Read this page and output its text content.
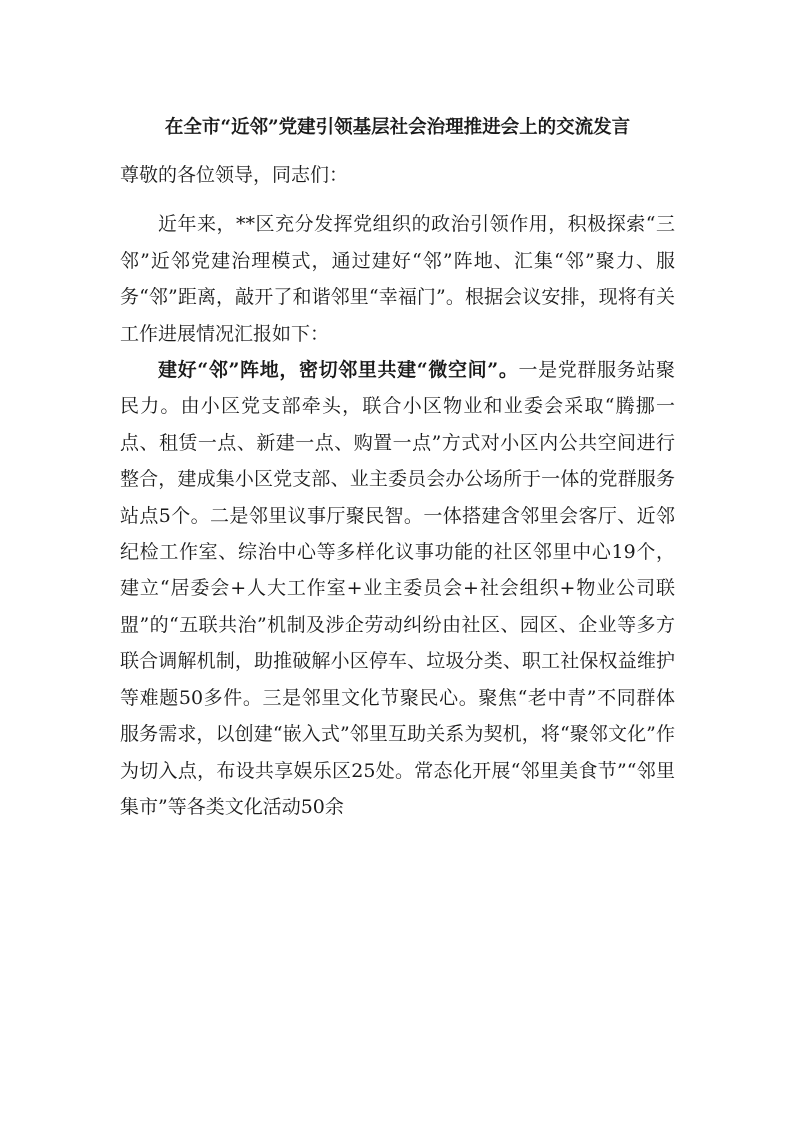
在全市“近邻”党建引领基层社会治理推进会上的交流发言

尊敬的各位领导，同志们：

近年来，**区充分发挥党组织的政治引领作用，积极探索“三邻”近邻党建治理模式，通过建好“邻”阵地、汇集“邻”聚力、服务“邻”距离，敲开了和谐邻里“幸福门”。根据会议安排，现将有关工作进展情况汇报如下：

建好“邻”阵地，密切邻里共建“微空间”。一是党群服务站聚民力。由小区党支部牵头，联合小区物业和业委会采取“腾挪一点、租赁一点、新建一点、购置一点”方式对小区内公共空间进行整合，建成集小区党支部、业主委员会办公场所于一体的党群服务站点5个。二是邻里议事厅聚民智。一体搭建含邻里会客厅、近邻纪检工作室、综治中心等多样化议事功能的社区邻里中心19个，建立“居委会+人大工作室+业主委员会+社会组织+物业公司联盟”的“五联共治”机制及涉企劳动纠纷由社区、园区、企业等多方联合调解机制，助推破解小区停车、垃圾分类、职工社保权益维护等难题50多件。三是邻里文化节聚民心。聚焦“老中青”不同群体服务需求，以创建“嵌入式”邻里互助关系为契机，将“聚邻文化”作为切入点，布设共享娱乐区25处。常态化开展“邻里美食节”“邻里集市”等各类文化活动50余
